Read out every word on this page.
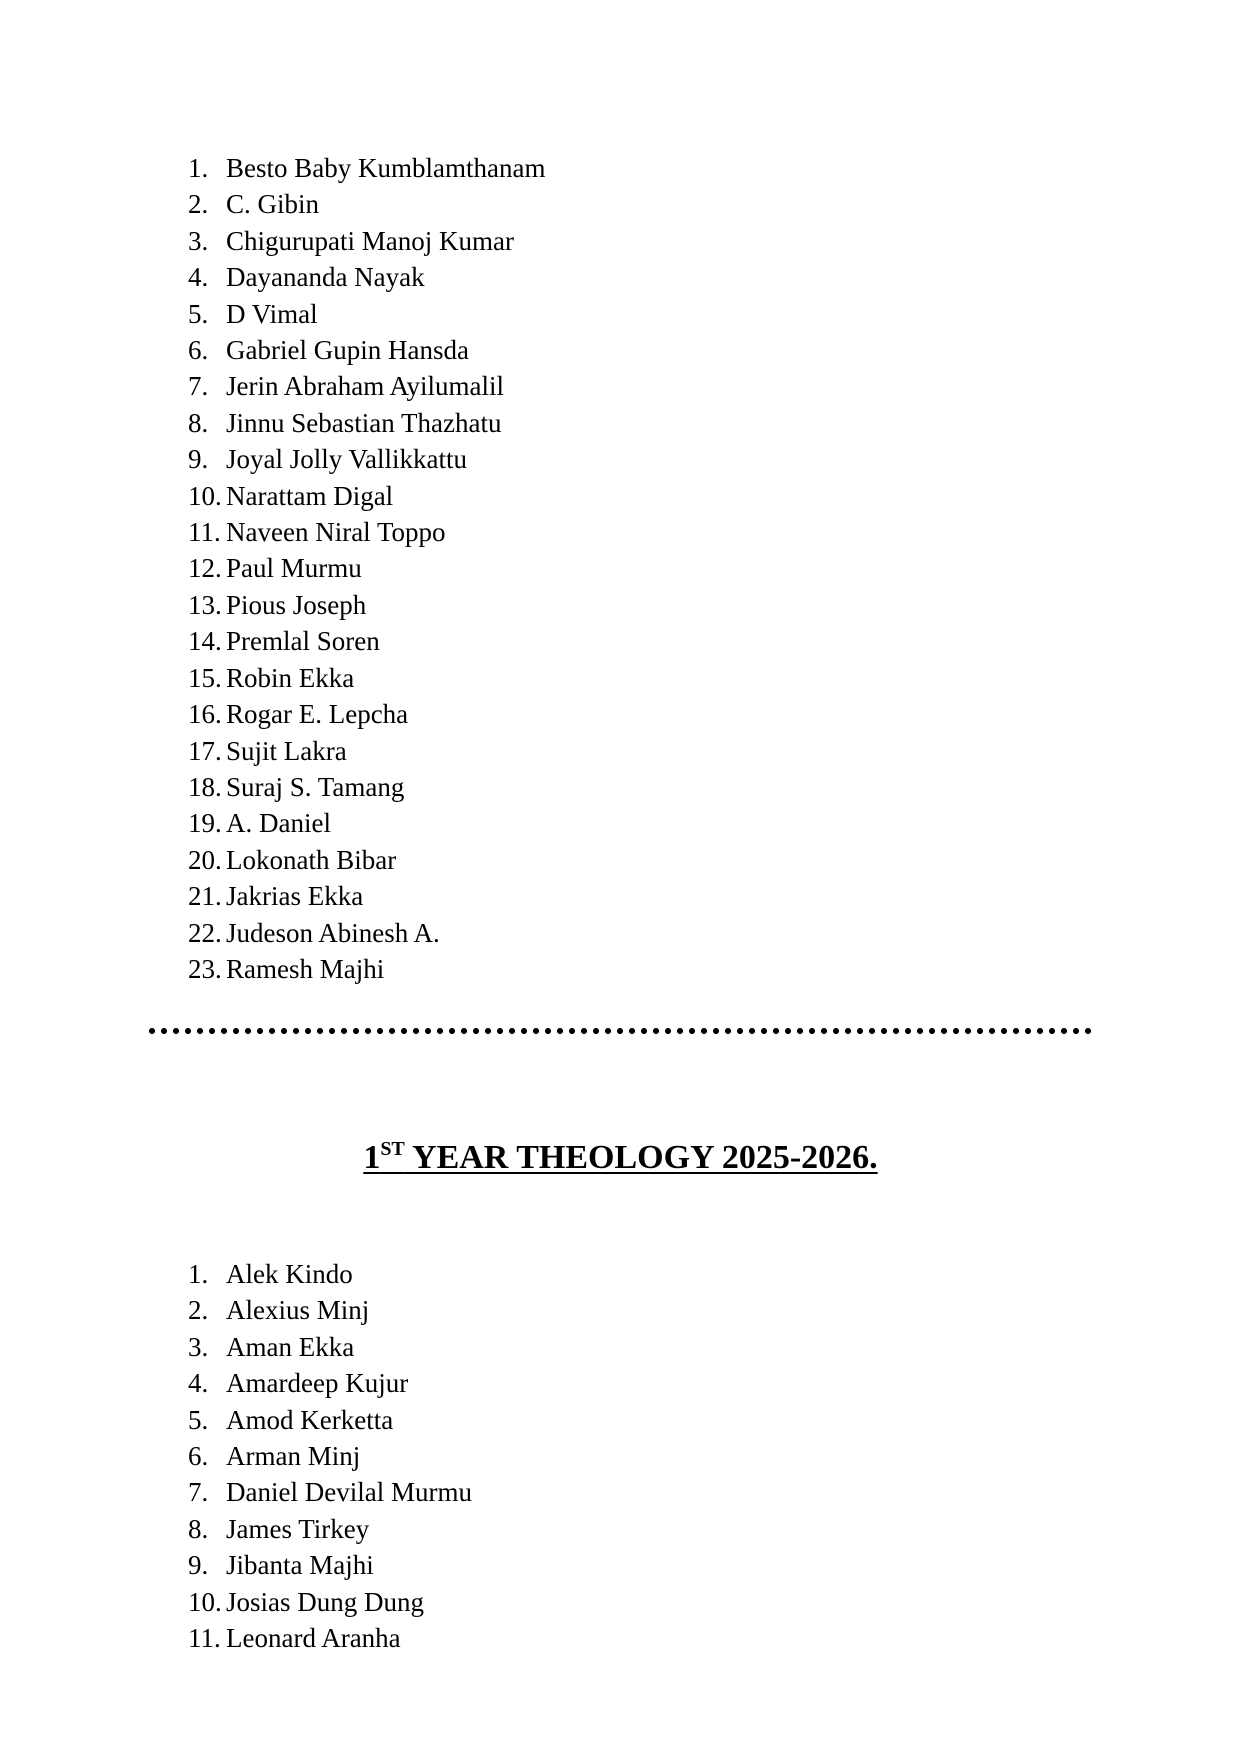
1. Besto Baby Kumblamthanam
2. C. Gibin
3. Chigurupati Manoj Kumar
4. Dayananda Nayak
5. D Vimal
6. Gabriel Gupin Hansda
7. Jerin Abraham Ayilumalil
8. Jinnu Sebastian Thazhatu
9. Joyal Jolly Vallikkattu
10. Narattam Digal
11. Naveen Niral Toppo
12. Paul Murmu
13. Pious Joseph
14. Premlal Soren
15. Robin Ekka
16. Rogar E. Lepcha
17. Sujit Lakra
18. Suraj S. Tamang
19. A. Daniel
20. Lokonath Bibar
21. Jakrias Ekka
22. Judeson Abinesh A.
23. Ramesh Majhi
1ST YEAR THEOLOGY 2025-2026.
1. Alek Kindo
2. Alexius Minj
3. Aman Ekka
4. Amardeep Kujur
5. Amod Kerketta
6. Arman Minj
7. Daniel Devilal Murmu
8. James Tirkey
9. Jibanta Majhi
10. Josias Dung Dung
11. Leonard Aranha
